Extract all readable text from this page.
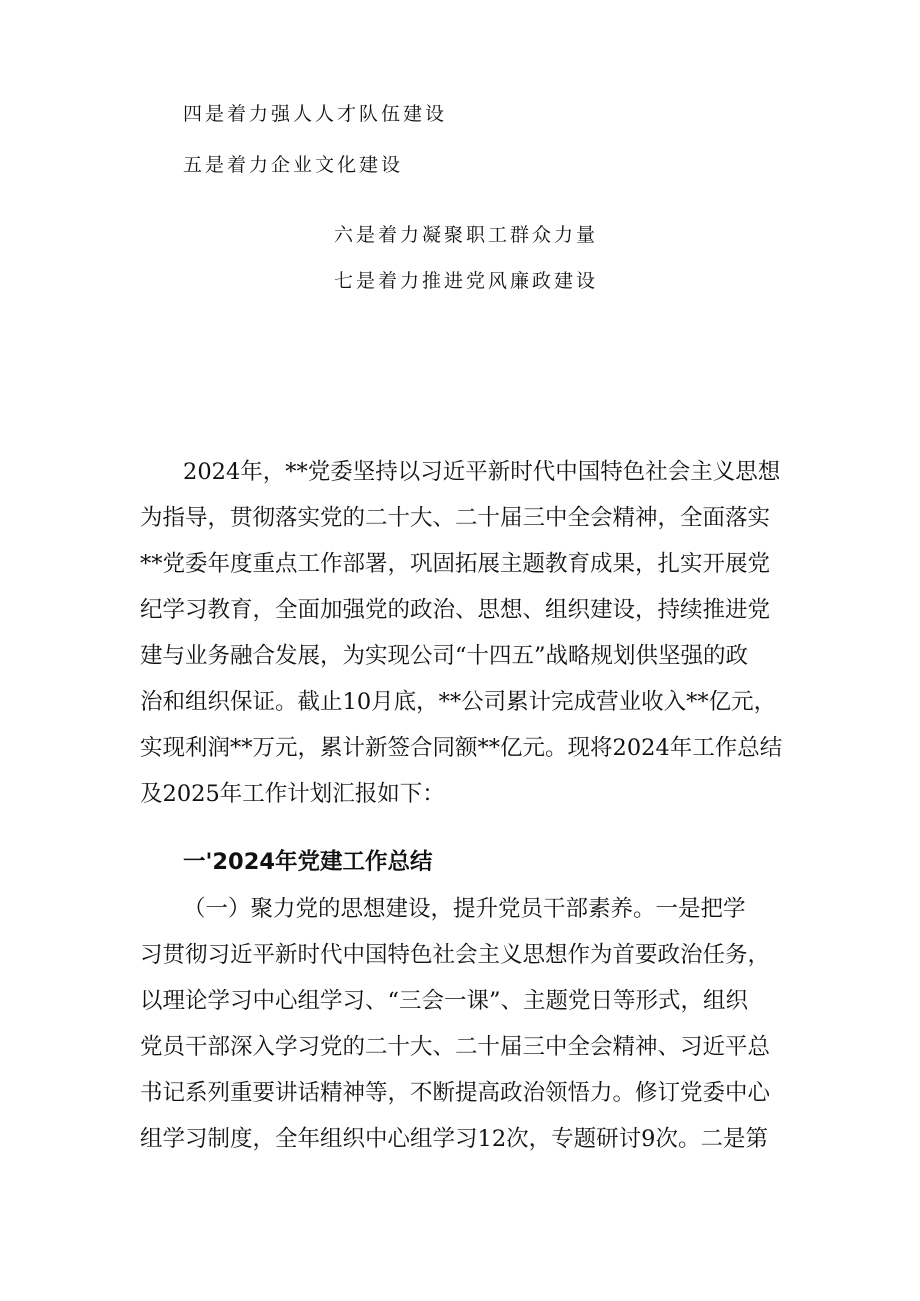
四是着力强人人才队伍建设
五是着力企业文化建设
六是着力凝聚职工群众力量
七是着力推进党风廉政建设
2024年，**党委坚持以习近平新时代中国特色社会主义思想
为指导，贯彻落实党的二十大、二十届三中全会精神，全面落实
**党委年度重点工作部署，巩固拓展主题教育成果，扎实开展党
纪学习教育，全面加强党的政治、思想、组织建设，持续推进党
建与业务融合发展，为实现公司“十四五”战略规划供坚强的政
治和组织保证。截止10月底，**公司累计完成营业收入**亿元，
实现利润**万元，累计新签合同额**亿元。现将2024年工作总结
及2025年工作计划汇报如下：
一'2024年党建工作总结
（一）聚力党的思想建设，提升党员干部素养。一是把学
习贯彻习近平新时代中国特色社会主义思想作为首要政治任务，
以理论学习中心组学习、“三会一课”、主题党日等形式，组织
党员干部深入学习党的二十大、二十届三中全会精神、习近平总
书记系列重要讲话精神等，不断提高政治领悟力。修订党委中心
组学习制度，全年组织中心组学习12次，专题研讨9次。二是第
